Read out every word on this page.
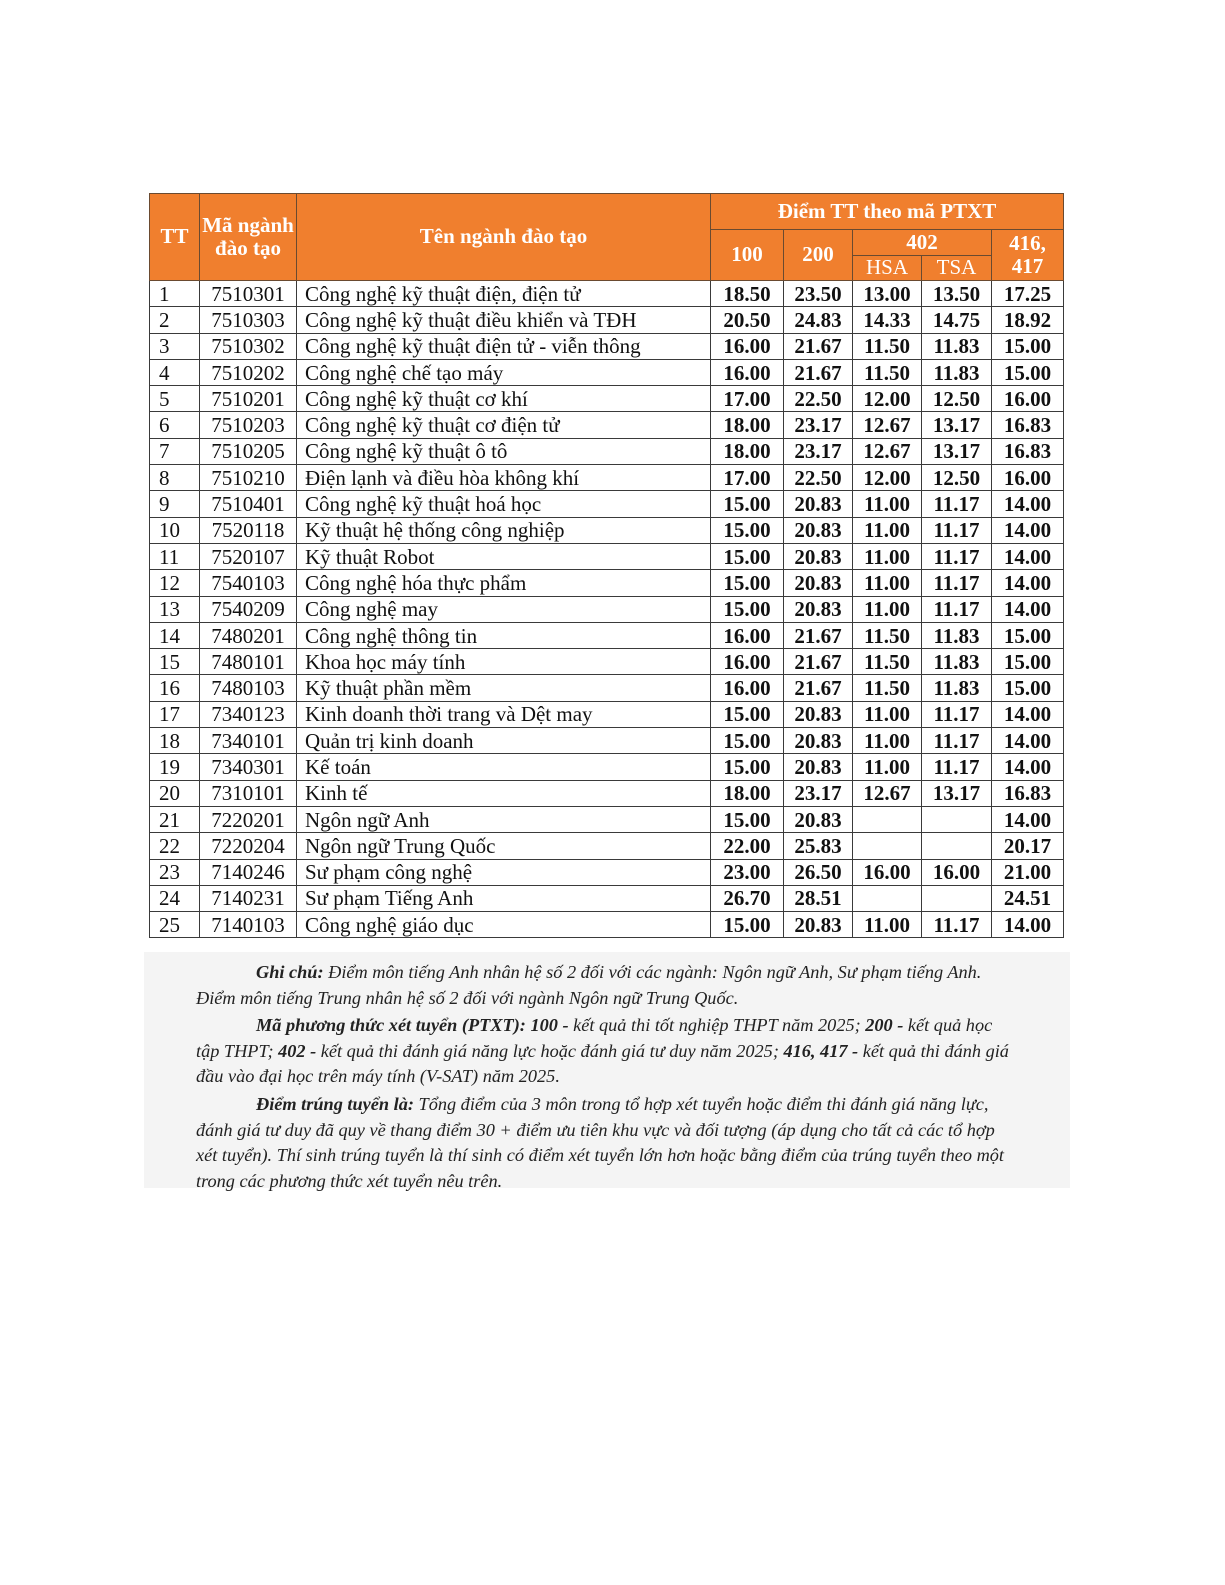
TT	Mã ngành đào tạo	Tên ngành đào tạo	Điểm TT theo mã PTXT				
			100	200	402		416, 417
					HSA	TSA	
1	7510301	Công nghệ kỹ thuật điện, điện tử	18.50	23.50	13.00	13.50	17.25
2	7510303	Công nghệ kỹ thuật điều khiển và TĐH	20.50	24.83	14.33	14.75	18.92
3	7510302	Công nghệ kỹ thuật điện tử - viễn thông	16.00	21.67	11.50	11.83	15.00
4	7510202	Công nghệ chế tạo máy	16.00	21.67	11.50	11.83	15.00
5	7510201	Công nghệ kỹ thuật cơ khí	17.00	22.50	12.00	12.50	16.00
6	7510203	Công nghệ kỹ thuật cơ điện tử	18.00	23.17	12.67	13.17	16.83
7	7510205	Công nghệ kỹ thuật ô tô	18.00	23.17	12.67	13.17	16.83
8	7510210	Điện lạnh và điều hòa không khí	17.00	22.50	12.00	12.50	16.00
9	7510401	Công nghệ kỹ thuật hoá học	15.00	20.83	11.00	11.17	14.00
10	7520118	Kỹ thuật hệ thống công nghiệp	15.00	20.83	11.00	11.17	14.00
11	7520107	Kỹ thuật Robot	15.00	20.83	11.00	11.17	14.00
12	7540103	Công nghệ hóa thực phẩm	15.00	20.83	11.00	11.17	14.00
13	7540209	Công nghệ may	15.00	20.83	11.00	11.17	14.00
14	7480201	Công nghệ thông tin	16.00	21.67	11.50	11.83	15.00
15	7480101	Khoa học máy tính	16.00	21.67	11.50	11.83	15.00
16	7480103	Kỹ thuật phần mềm	16.00	21.67	11.50	11.83	15.00
17	7340123	Kinh doanh thời trang và Dệt may	15.00	20.83	11.00	11.17	14.00
18	7340101	Quản trị kinh doanh	15.00	20.83	11.00	11.17	14.00
19	7340301	Kế toán	15.00	20.83	11.00	11.17	14.00
20	7310101	Kinh tế	18.00	23.17	12.67	13.17	16.83
21	7220201	Ngôn ngữ Anh	15.00	20.83			14.00
22	7220204	Ngôn ngữ Trung Quốc	22.00	25.83			20.17
23	7140246	Sư phạm công nghệ	23.00	26.50	16.00	16.00	21.00
24	7140231	Sư phạm Tiếng Anh	26.70	28.51			24.51
25	7140103	Công nghệ giáo dục	15.00	20.83	11.00	11.17	14.00

Ghi chú: Điểm môn tiếng Anh nhân hệ số 2 đối với các ngành: Ngôn ngữ Anh, Sư phạm tiếng Anh. Điểm môn tiếng Trung nhân hệ số 2 đối với ngành Ngôn ngữ Trung Quốc.

Mã phương thức xét tuyển (PTXT): 100 - kết quả thi tốt nghiệp THPT năm 2025; 200 - kết quả học tập THPT; 402 - kết quả thi đánh giá năng lực hoặc đánh giá tư duy năm 2025; 416, 417 - kết quả thi đánh giá đầu vào đại học trên máy tính (V-SAT) năm 2025.

Điểm trúng tuyển là: Tổng điểm của 3 môn trong tổ hợp xét tuyển hoặc điểm thi đánh giá năng lực, đánh giá tư duy đã quy về thang điểm 30 + điểm ưu tiên khu vực và đối tượng (áp dụng cho tất cả các tổ hợp xét tuyển). Thí sinh trúng tuyển là thí sinh có điểm xét tuyển lớn hơn hoặc bằng điểm của trúng tuyển theo một trong các phương thức xét tuyển nêu trên.
